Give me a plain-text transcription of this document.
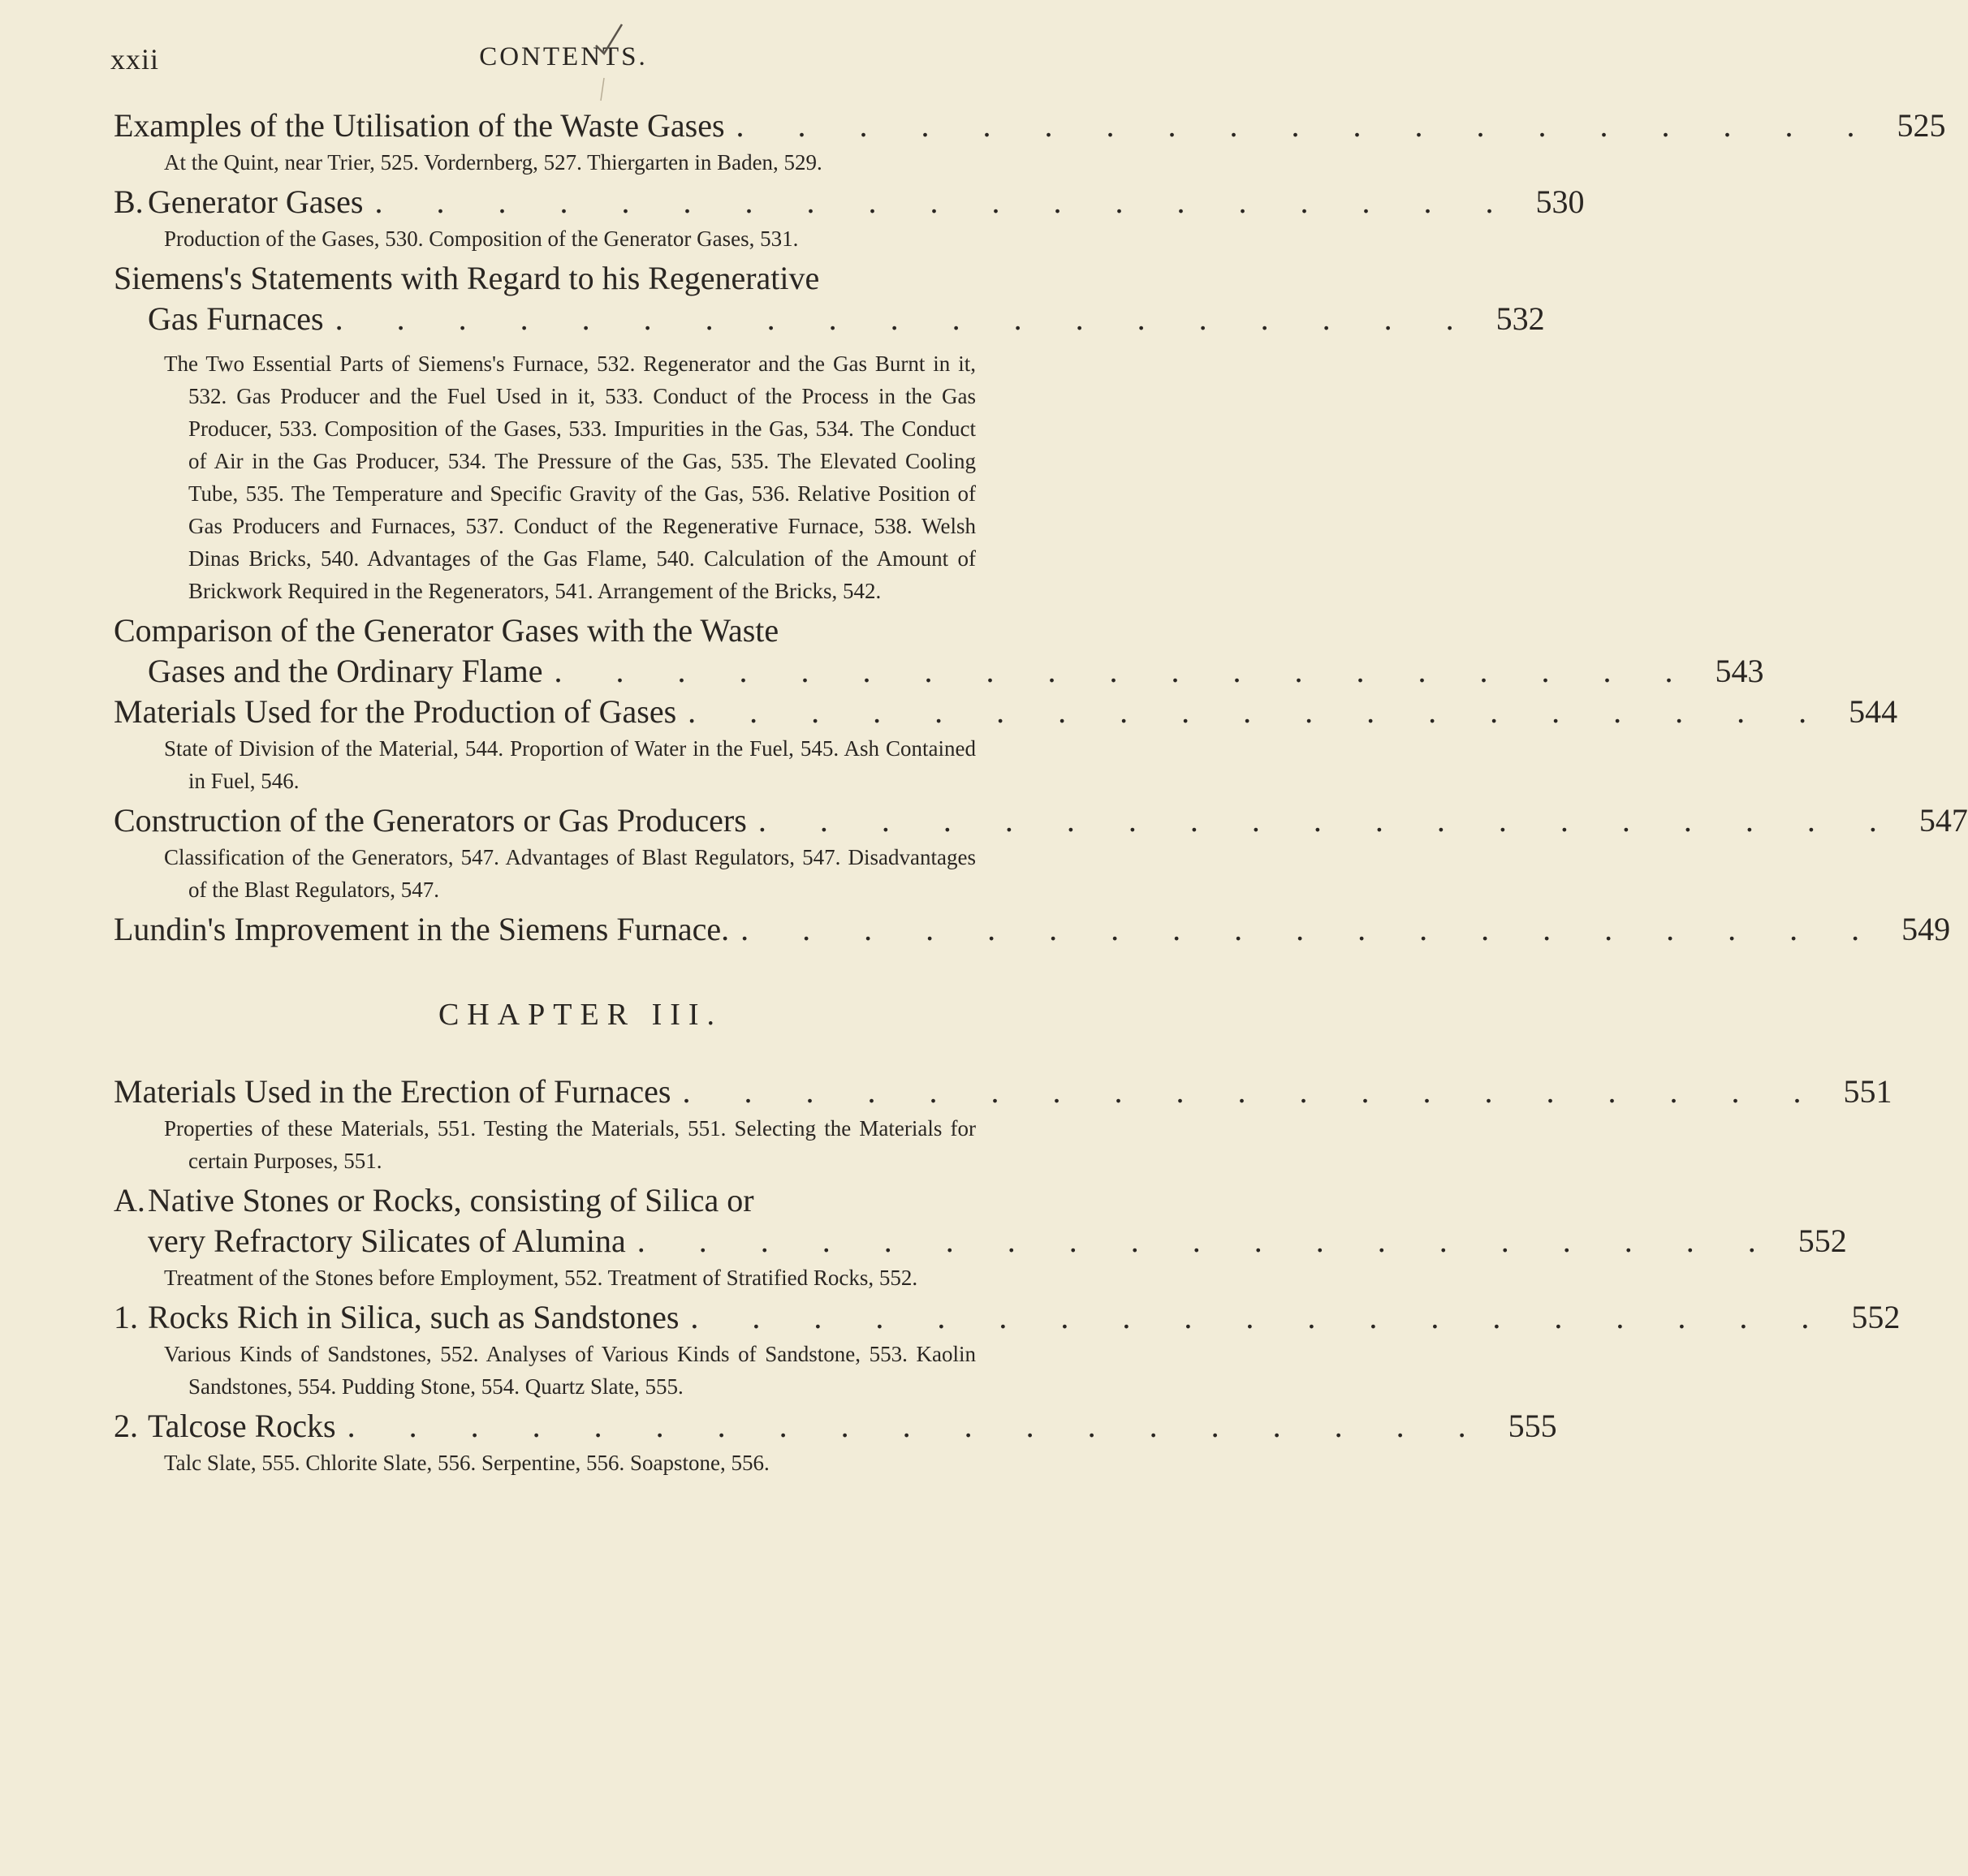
xxii	CONTENTS.
Examples of the Utilisation of the Waste Gases . . . . . . . . . . . . . . . . . . . 525
At the Quint, near Trier, 525. Vordernberg, 527. Thiergarten in Baden, 529.
B. Generator Gases . . . . . . . . . . . . . . . . . . . 530
Production of the Gases, 530. Composition of the Generator Gases, 531.
Siemens's Statements with Regard to his Regenerative
Gas Furnaces . . . . . . . . . . . . . . . . . . . 532
The Two Essential Parts of Siemens's Furnace, 532. Regenerator and the Gas Burnt in it, 532. Gas Producer and the Fuel Used in it, 533. Conduct of the Process in the Gas Producer, 533. Composition of the Gases, 533. Impurities in the Gas, 534. The Conduct of Air in the Gas Producer, 534. The Pressure of the Gas, 535. The Elevated Cooling Tube, 535. The Temperature and Specific Gravity of the Gas, 536. Relative Position of Gas Producers and Furnaces, 537. Conduct of the Regenerative Furnace, 538. Welsh Dinas Bricks, 540. Advantages of the Gas Flame, 540. Calculation of the Amount of Brickwork Required in the Regenerators, 541. Arrangement of the Bricks, 542.
Comparison of the Generator Gases with the Waste
Gases and the Ordinary Flame . . . . . . . . . . . . . . . . . . . 543
Materials Used for the Production of Gases . . . . . . . . . . . . . . . . . . . 544
State of Division of the Material, 544. Proportion of Water in the Fuel, 545. Ash Contained in Fuel, 546.
Construction of the Generators or Gas Producers . . . . . . . . . . . . . . . . . . . 547
Classification of the Generators, 547. Advantages of Blast Regulators, 547. Disadvantages of the Blast Regulators, 547.
Lundin's Improvement in the Siemens Furnace. . . . . . . . . . . . . . . . . . . . 549
CHAPTER III.
Materials Used in the Erection of Furnaces . . . . . . . . . . . . . . . . . . . 551
Properties of these Materials, 551. Testing the Materials, 551. Selecting the Materials for certain Purposes, 551.
A.Native Stones or Rocks, consisting of Silica or
very Refractory Silicates of Alumina . . . . . . . . . . . . . . . . . . . 552
Treatment of the Stones before Employment, 552. Treatment of Stratified Rocks, 552.
1. Rocks Rich in Silica, such as Sandstones . . . . . . . . . . . . . . . . . . . 552
Various Kinds of Sandstones, 552. Analyses of Various Kinds of Sandstone, 553. Kaolin Sandstones, 554. Pudding Stone, 554. Quartz Slate, 555.
2. Talcose Rocks . . . . . . . . . . . . . . . . . . . 555
Talc Slate, 555. Chlorite Slate, 556. Serpentine, 556. Soapstone, 556.
